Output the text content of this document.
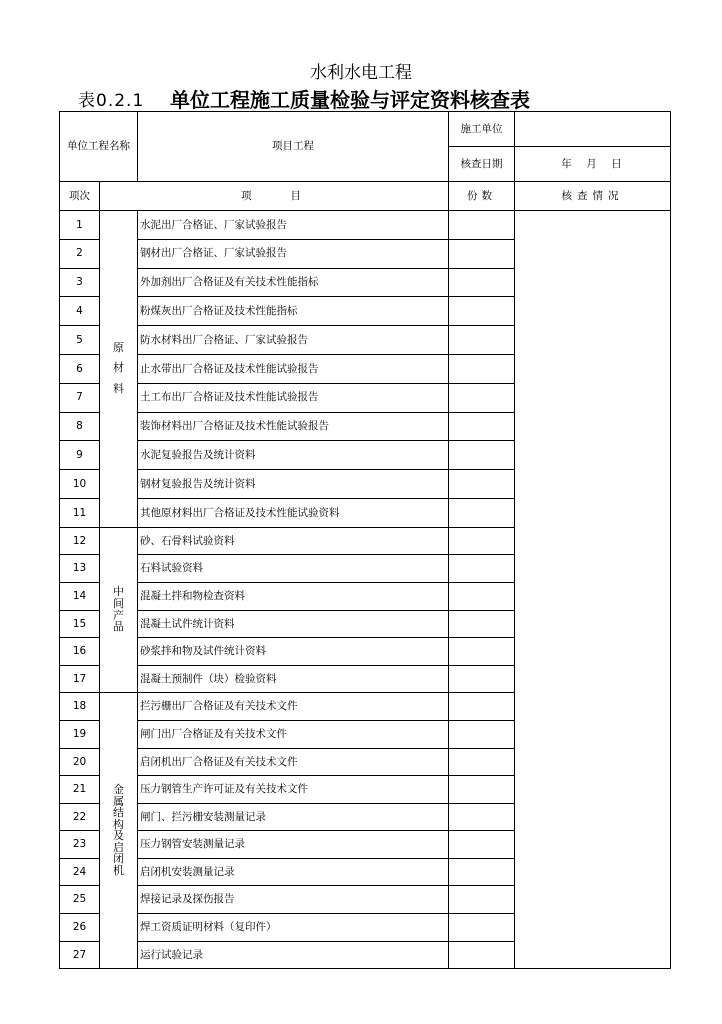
水利水电工程
表0.2.1 单位工程施工质量检验与评定资料核查表
单位工程名称		项目工程	施工单位	
			核查日期	年　月　日
项次	项　　目		份数	核查情况
1	原材料	水泥出厂合格证、厂家试验报告		
2		钢材出厂合格证、厂家试验报告		
3		外加剂出厂合格证及有关技术性能指标		
4		粉煤灰出厂合格证及技术性能指标		
5		防水材料出厂合格证、厂家试验报告		
6		止水带出厂合格证及技术性能试验报告		
7		土工布出厂合格证及技术性能试验报告		
8		装饰材料出厂合格证及技术性能试验报告		
9		水泥复验报告及统计资料		
10		钢材复验报告及统计资料		
11		其他原材料出厂合格证及技术性能试验资料		
12	中间产品	砂、石骨料试验资料		
13		石料试验资料		
14		混凝土拌和物检查资料		
15		混凝土试件统计资料		
16		砂浆拌和物及试件统计资料		
17		混凝土预制件（块）检验资料		
18	金属结构及启闭机	拦污栅出厂合格证及有关技术文件		
19		闸门出厂合格证及有关技术文件		
20		启闭机出厂合格证及有关技术文件		
21		压力钢管生产许可证及有关技术文件		
22		闸门、拦污栅安装测量记录		
23		压力钢管安装测量记录		
24		启闭机安装测量记录		
25		焊接记录及探伤报告		
26		焊工资质证明材料（复印件）		
27		运行试验记录		
